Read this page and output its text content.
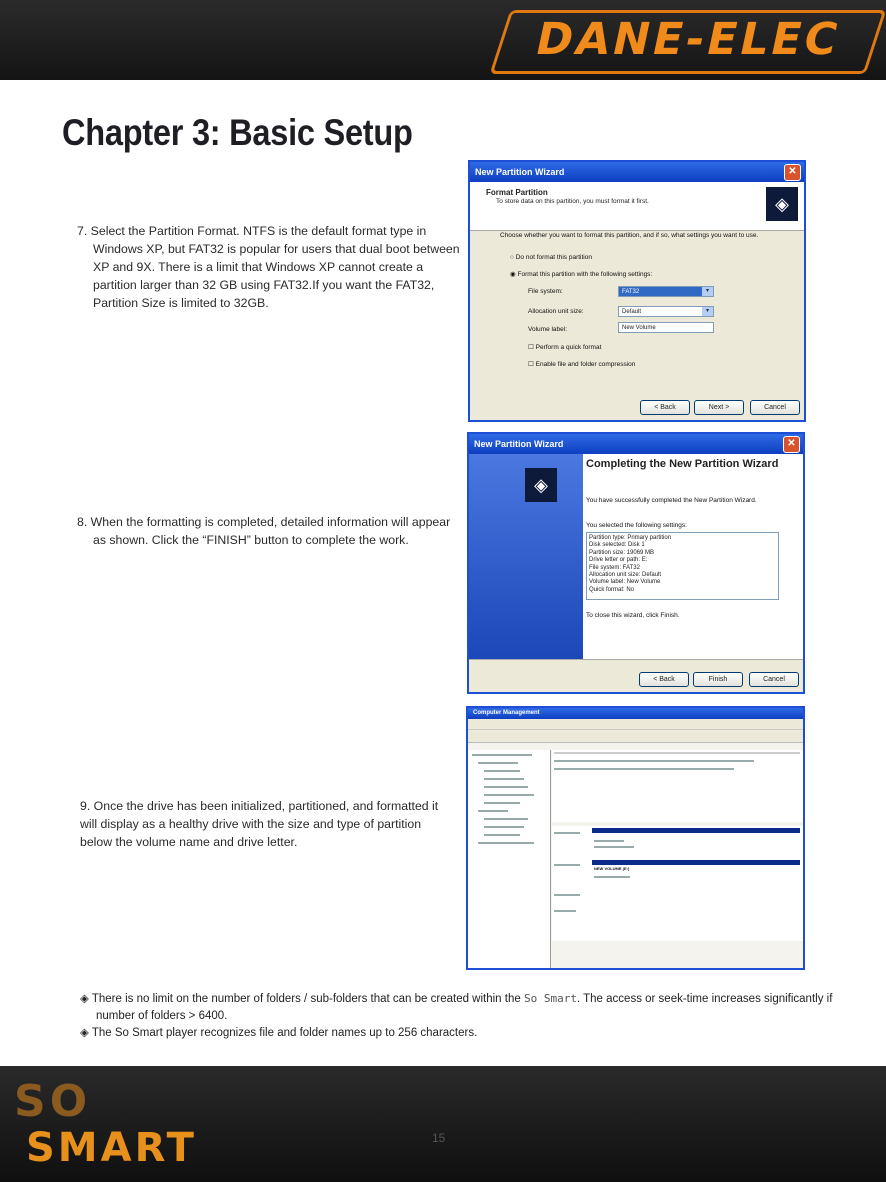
DANE-ELEC
Chapter 3: Basic Setup
7. Select the Partition Format. NTFS is the default format type in Windows XP, but FAT32 is popular for users that dual boot between XP and 9X. There is a limit that Windows XP cannot create a partition larger than 32 GB using FAT32.If you want the FAT32, Partition Size is limited to 32GB.
8. When the formatting is completed, detailed information will appear as shown. Click the “FINISH” button to complete the work.
9. Once the drive has been initialized, partitioned, and formatted it will display as a healthy drive with the size and type of partition below the volume name and drive letter.
New Partition Wizard	✕
Format Partition
To store data on this partition, you must format it first.	◈
Choose whether you want to format this partition, and if so, what settings you want to use.
○ Do not format this partition
◉ Format this partition with the following settings:
File system:	FAT32	▾
Allocation unit size:	Default	▾
Volume label:	New Volume
☐ Perform a quick format
☐ Enable file and folder compression
< Back	Next >	Cancel
New Partition Wizard	✕
◈
Completing the New Partition Wizard
You have successfully completed the New Partition Wizard.
You selected the following settings:
Partition type: Primary partition
Disk selected: Disk 1
Partition size: 19069 MB
Drive letter or path: E:
File system: FAT32
Allocation unit size: Default
Volume label: New Volume
Quick format: No
To close this wizard, click Finish.
< Back	Finish	Cancel
Computer Management
NEW VOLUME (E:)

◈ There is no limit on the number of folders / sub-folders that can be created within the So Smart. The access or seek-time increases significantly if number of folders > 6400.

◈ The So Smart player recognizes file and folder names up to 256 characters.

SO
SMART	15
